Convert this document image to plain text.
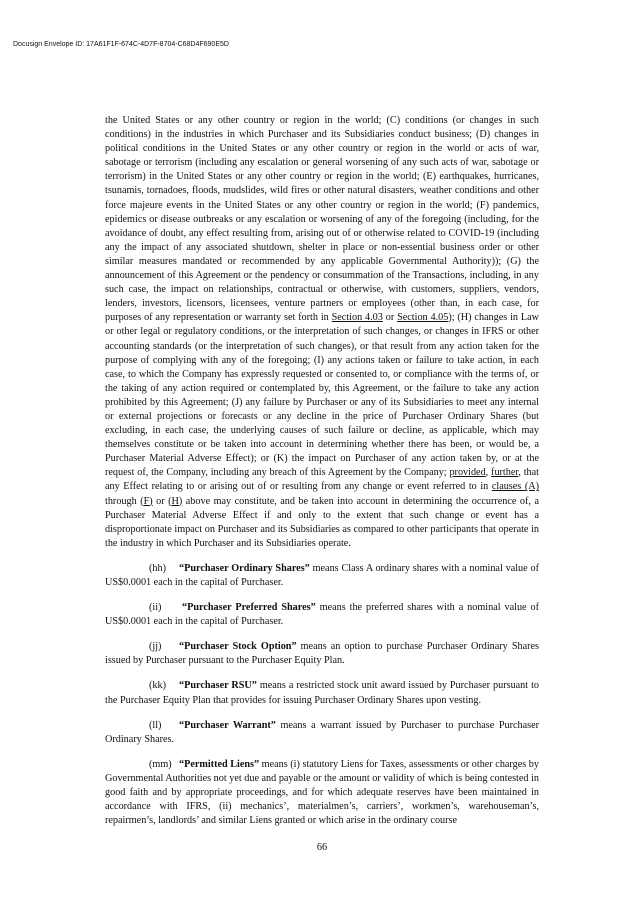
Docusign Envelope ID: 17A61F1F-674C-4D7F-8704-C68D4F690E5D

the United States or any other country or region in the world; (C) conditions (or changes in such conditions) in the industries in which Purchaser and its Subsidiaries conduct business; (D) changes in political conditions in the United States or any other country or region in the world or acts of war, sabotage or terrorism (including any escalation or general worsening of any such acts of war, sabotage or terrorism) in the United States or any other country or region in the world; (E) earthquakes, hurricanes, tsunamis, tornadoes, floods, mudslides, wild fires or other natural disasters, weather conditions and other force majeure events in the United States or any other country or region in the world; (F) pandemics, epidemics or disease outbreaks or any escalation or worsening of any of the foregoing (including, for the avoidance of doubt, any effect resulting from, arising out of or otherwise related to COVID-19 (including any the impact of any associated shutdown, shelter in place or non-essential business order or other similar measures mandated or recommended by any applicable Governmental Authority)); (G) the announcement of this Agreement or the pendency or consummation of the Transactions, including, in any such case, the impact on relationships, contractual or otherwise, with customers, suppliers, vendors, lenders, investors, licensors, licensees, venture partners or employees (other than, in each case, for purposes of any representation or warranty set forth in Section 4.03 or Section 4.05); (H) changes in Law or other legal or regulatory conditions, or the interpretation of such changes, or changes in IFRS or other accounting standards (or the interpretation of such changes), or that result from any action taken for the purpose of complying with any of the foregoing; (I) any actions taken or failure to take action, in each case, to which the Company has expressly requested or consented to, or compliance with the terms of, or the taking of any action required or contemplated by, this Agreement, or the failure to take any action prohibited by this Agreement; (J) any failure by Purchaser or any of its Subsidiaries to meet any internal or external projections or forecasts or any decline in the price of Purchaser Ordinary Shares (but excluding, in each case, the underlying causes of such failure or decline, as applicable, which may themselves constitute or be taken into account in determining whether there has been, or would be, a Purchaser Material Adverse Effect); or (K) the impact on Purchaser of any action taken by, or at the request of, the Company, including any breach of this Agreement by the Company; provided, further, that any Effect relating to or arising out of or resulting from any change or event referred to in clauses (A) through (F) or (H) above may constitute, and be taken into account in determining the occurrence of, a Purchaser Material Adverse Effect if and only to the extent that such change or event has a disproportionate impact on Purchaser and its Subsidiaries as compared to other participants that operate in the industry in which Purchaser and its Subsidiaries operate.

(hh) “Purchaser Ordinary Shares” means Class A ordinary shares with a nominal value of US$0.0001 each in the capital of Purchaser.

(ii) “Purchaser Preferred Shares” means the preferred shares with a nominal value of US$0.0001 each in the capital of Purchaser.

(jj) “Purchaser Stock Option” means an option to purchase Purchaser Ordinary Shares issued by Purchaser pursuant to the Purchaser Equity Plan.

(kk) “Purchaser RSU” means a restricted stock unit award issued by Purchaser pursuant to the Purchaser Equity Plan that provides for issuing Purchaser Ordinary Shares upon vesting.

(ll) “Purchaser Warrant” means a warrant issued by Purchaser to purchase Purchaser Ordinary Shares.

(mm) “Permitted Liens” means (i) statutory Liens for Taxes, assessments or other charges by Governmental Authorities not yet due and payable or the amount or validity of which is being contested in good faith and by appropriate proceedings, and for which adequate reserves have been maintained in accordance with IFRS, (ii) mechanics’, materialmen’s, carriers’, workmen’s, warehouseman’s, repairmen’s, landlords’ and similar Liens granted or which arise in the ordinary course

66
